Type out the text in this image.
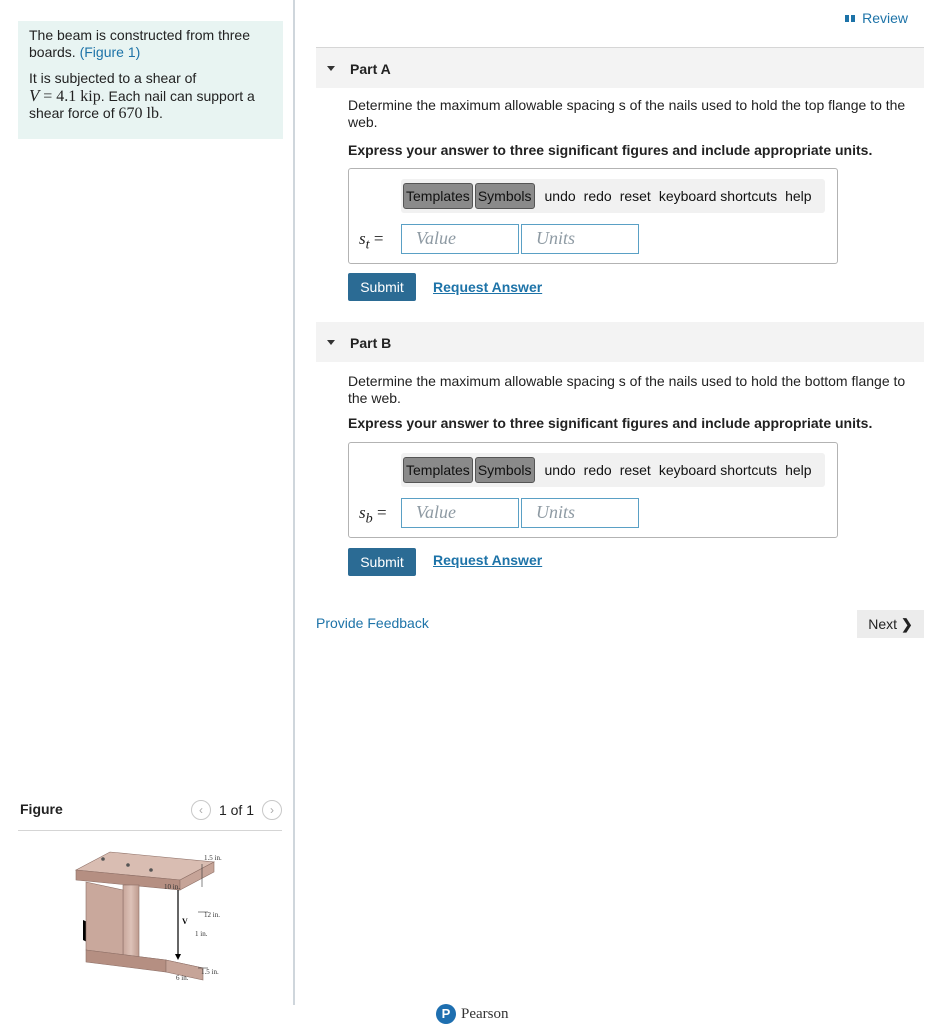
The beam is constructed from three boards. (Figure 1)

It is subjected to a shear of
V = 4.1 kip. Each nail can support a shear force of 670 lb.

Figure	‹	1 of 1	›
1.5 in.
10 in.
12 in.
V
1 in.
1.5 in.
6 in.
Review
Part A
Determine the maximum allowable spacing s of the nails used to hold the top flange to the web.
Express your answer to three significant figures and include appropriate units.
Templates Symbols undo redo reset keyboard shortcuts help
$s_t$ =	Value	Units
Submit	Request Answer
Part B
Determine the maximum allowable spacing s of the nails used to hold the bottom flange to the web.
Express your answer to three significant figures and include appropriate units.
Templates Symbols undo redo reset keyboard shortcuts help
$s_b$ =	Value	Units
Submit	Request Answer
Provide Feedback	Next ❯
P Pearson
